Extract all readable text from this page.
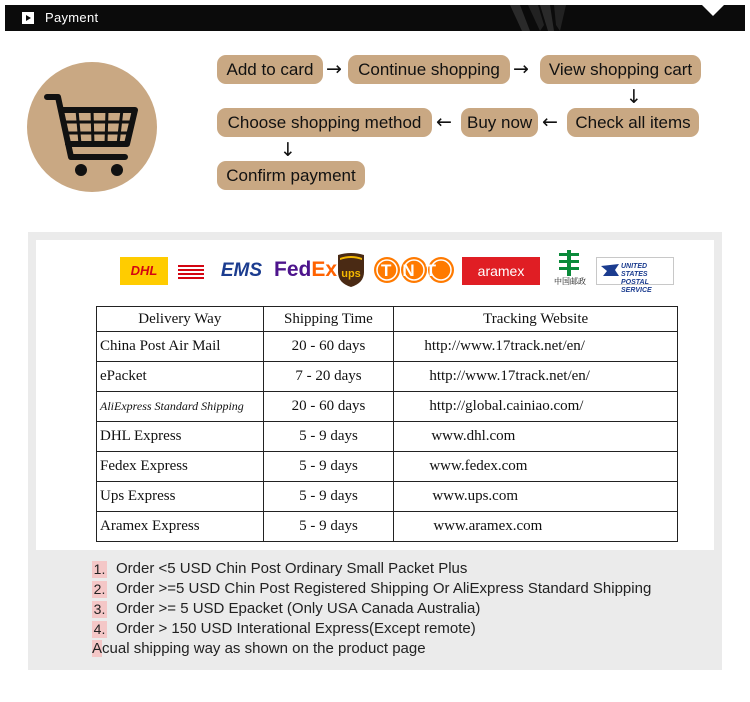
Payment
Add to card → Continue shopping →	View shopping cart
↓
Choose shopping method ← Buy now ←	Check all items
↓
Confirm payment
DHL	EMS FedEx ups TNT	aramex
中国邮政
UNITED STATES
POSTAL SERVICE
Delivery Way	Shipping Time	Tracking Website
China Post Air Mail	20 - 60 days	http://www.17track.net/en/
ePacket	7 - 20 days	http://www.17track.net/en/
AliExpress Standard Shipping	20 - 60 days	http://global.cainiao.com/
DHL Express	5 - 9 days	www.dhl.com
Fedex Express	5 - 9 days	www.fedex.com
Ups Express	5 - 9 days	www.ups.com
Aramex Express	5 - 9 days	www.aramex.com
1. Order <5 USD Chin Post Ordinary Small Packet Plus
2. Order >=5 USD Chin Post Registered Shipping Or AliExpress Standard Shipping
3. Order >= 5 USD Epacket (Only USA Canada Australia)
4. Order > 150 USD Interational Express(Except remote)
Acual shipping way as shown on the product page
